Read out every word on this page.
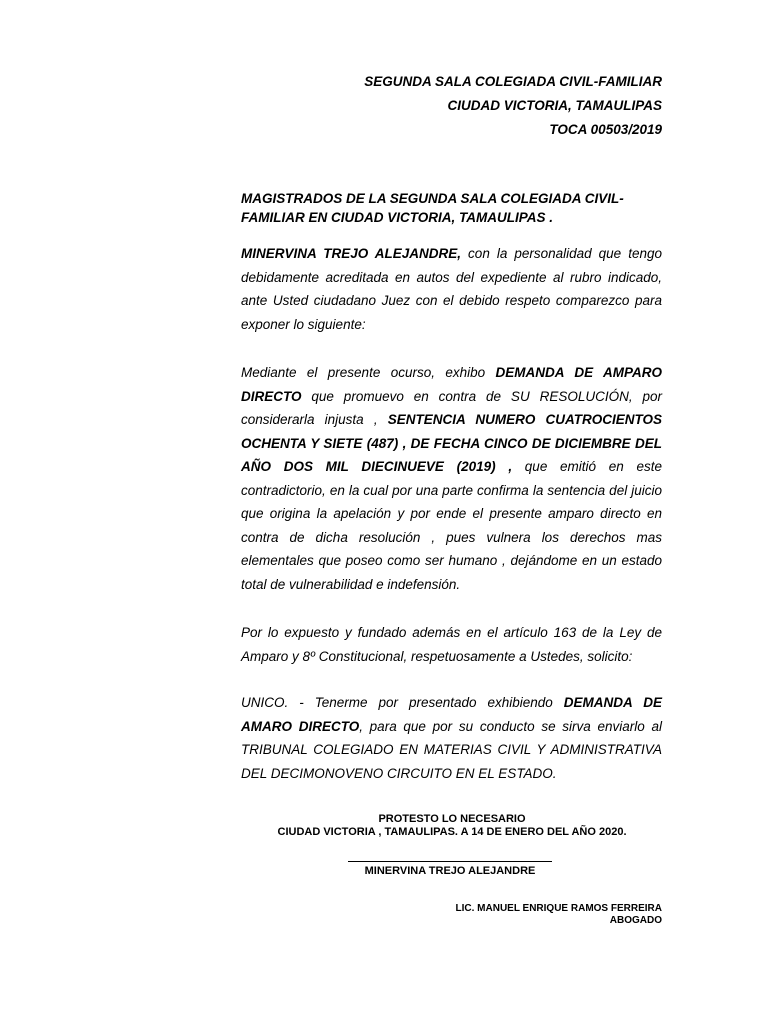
SEGUNDA SALA COLEGIADA CIVIL-FAMILIAR
CIUDAD VICTORIA, TAMAULIPAS
TOCA 00503/2019
MAGISTRADOS DE LA SEGUNDA SALA COLEGIADA CIVIL-FAMILIAR EN CIUDAD VICTORIA, TAMAULIPAS .
MINERVINA TREJO ALEJANDRE, con la personalidad que tengo debidamente acreditada en autos del expediente al rubro indicado, ante Usted ciudadano Juez con el debido respeto comparezco para exponer lo siguiente:
Mediante el presente ocurso, exhibo DEMANDA DE AMPARO DIRECTO que promuevo en contra de SU RESOLUCIÓN, por considerarla injusta , SENTENCIA NUMERO CUATROCIENTOS OCHENTA Y SIETE (487) , DE FECHA CINCO DE DICIEMBRE DEL AÑO DOS MIL DIECINUEVE (2019) , que emitió en este contradictorio, en la cual por una parte confirma la sentencia del juicio que origina la apelación y por ende el presente amparo directo en contra de dicha resolución , pues vulnera los derechos mas elementales que poseo como ser humano , dejándome en un estado total de vulnerabilidad e indefensión.
Por lo expuesto y fundado además en el artículo 163 de la Ley de Amparo y 8º Constitucional, respetuosamente a Ustedes, solicito:
UNICO. - Tenerme por presentado exhibiendo DEMANDA DE AMARO DIRECTO, para que por su conducto se sirva enviarlo al TRIBUNAL COLEGIADO EN MATERIAS CIVIL Y ADMINISTRATIVA DEL DECIMONOVENO CIRCUITO EN EL ESTADO.
PROTESTO LO NECESARIO
CIUDAD VICTORIA , TAMAULIPAS. A 14 DE ENERO DEL AÑO 2020.
MINERVINA TREJO ALEJANDRE
LIC. MANUEL ENRIQUE RAMOS FERREIRA
ABOGADO
